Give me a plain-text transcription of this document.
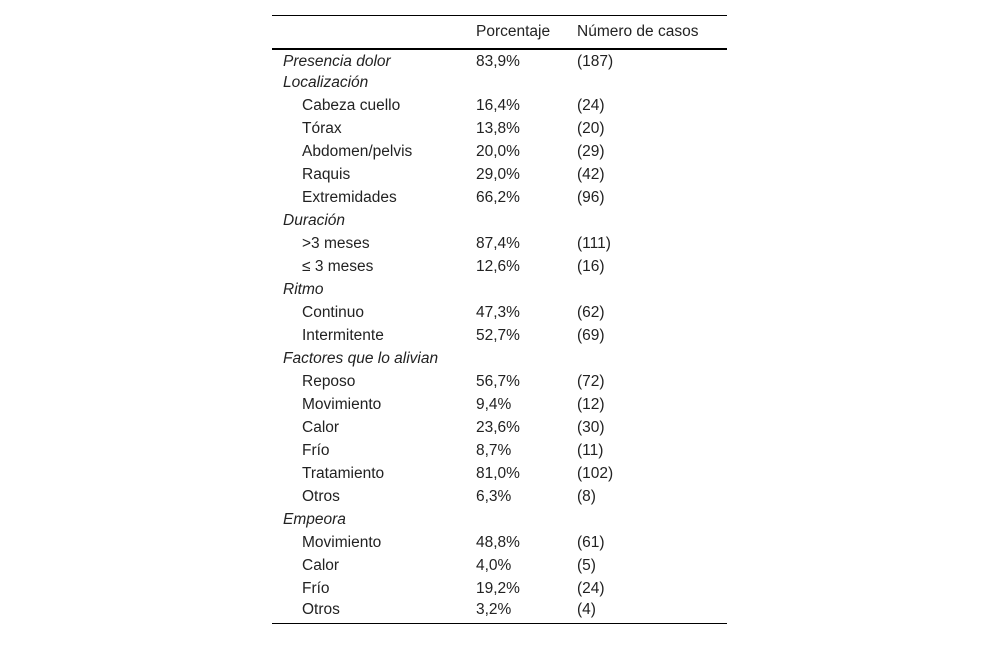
	Porcentaje	Número de casos
Presencia dolor	83,9%	(187)
Localización		
Cabeza cuello	16,4%	(24)
Tórax	13,8%	(20)
Abdomen/pelvis	20,0%	(29)
Raquis	29,0%	(42)
Extremidades	66,2%	(96)
Duración		
>3 meses	87,4%	(111)
≤ 3 meses	12,6%	(16)
Ritmo		
Continuo	47,3%	(62)
Intermitente	52,7%	(69)
Factores que lo alivian		
Reposo	56,7%	(72)
Movimiento	9,4%	(12)
Calor	23,6%	(30)
Frío	8,7%	(11)
Tratamiento	81,0%	(102)
Otros	6,3%	(8)
Empeora		
Movimiento	48,8%	(61)
Calor	4,0%	(5)
Frío	19,2%	(24)
Otros	3,2%	(4)
